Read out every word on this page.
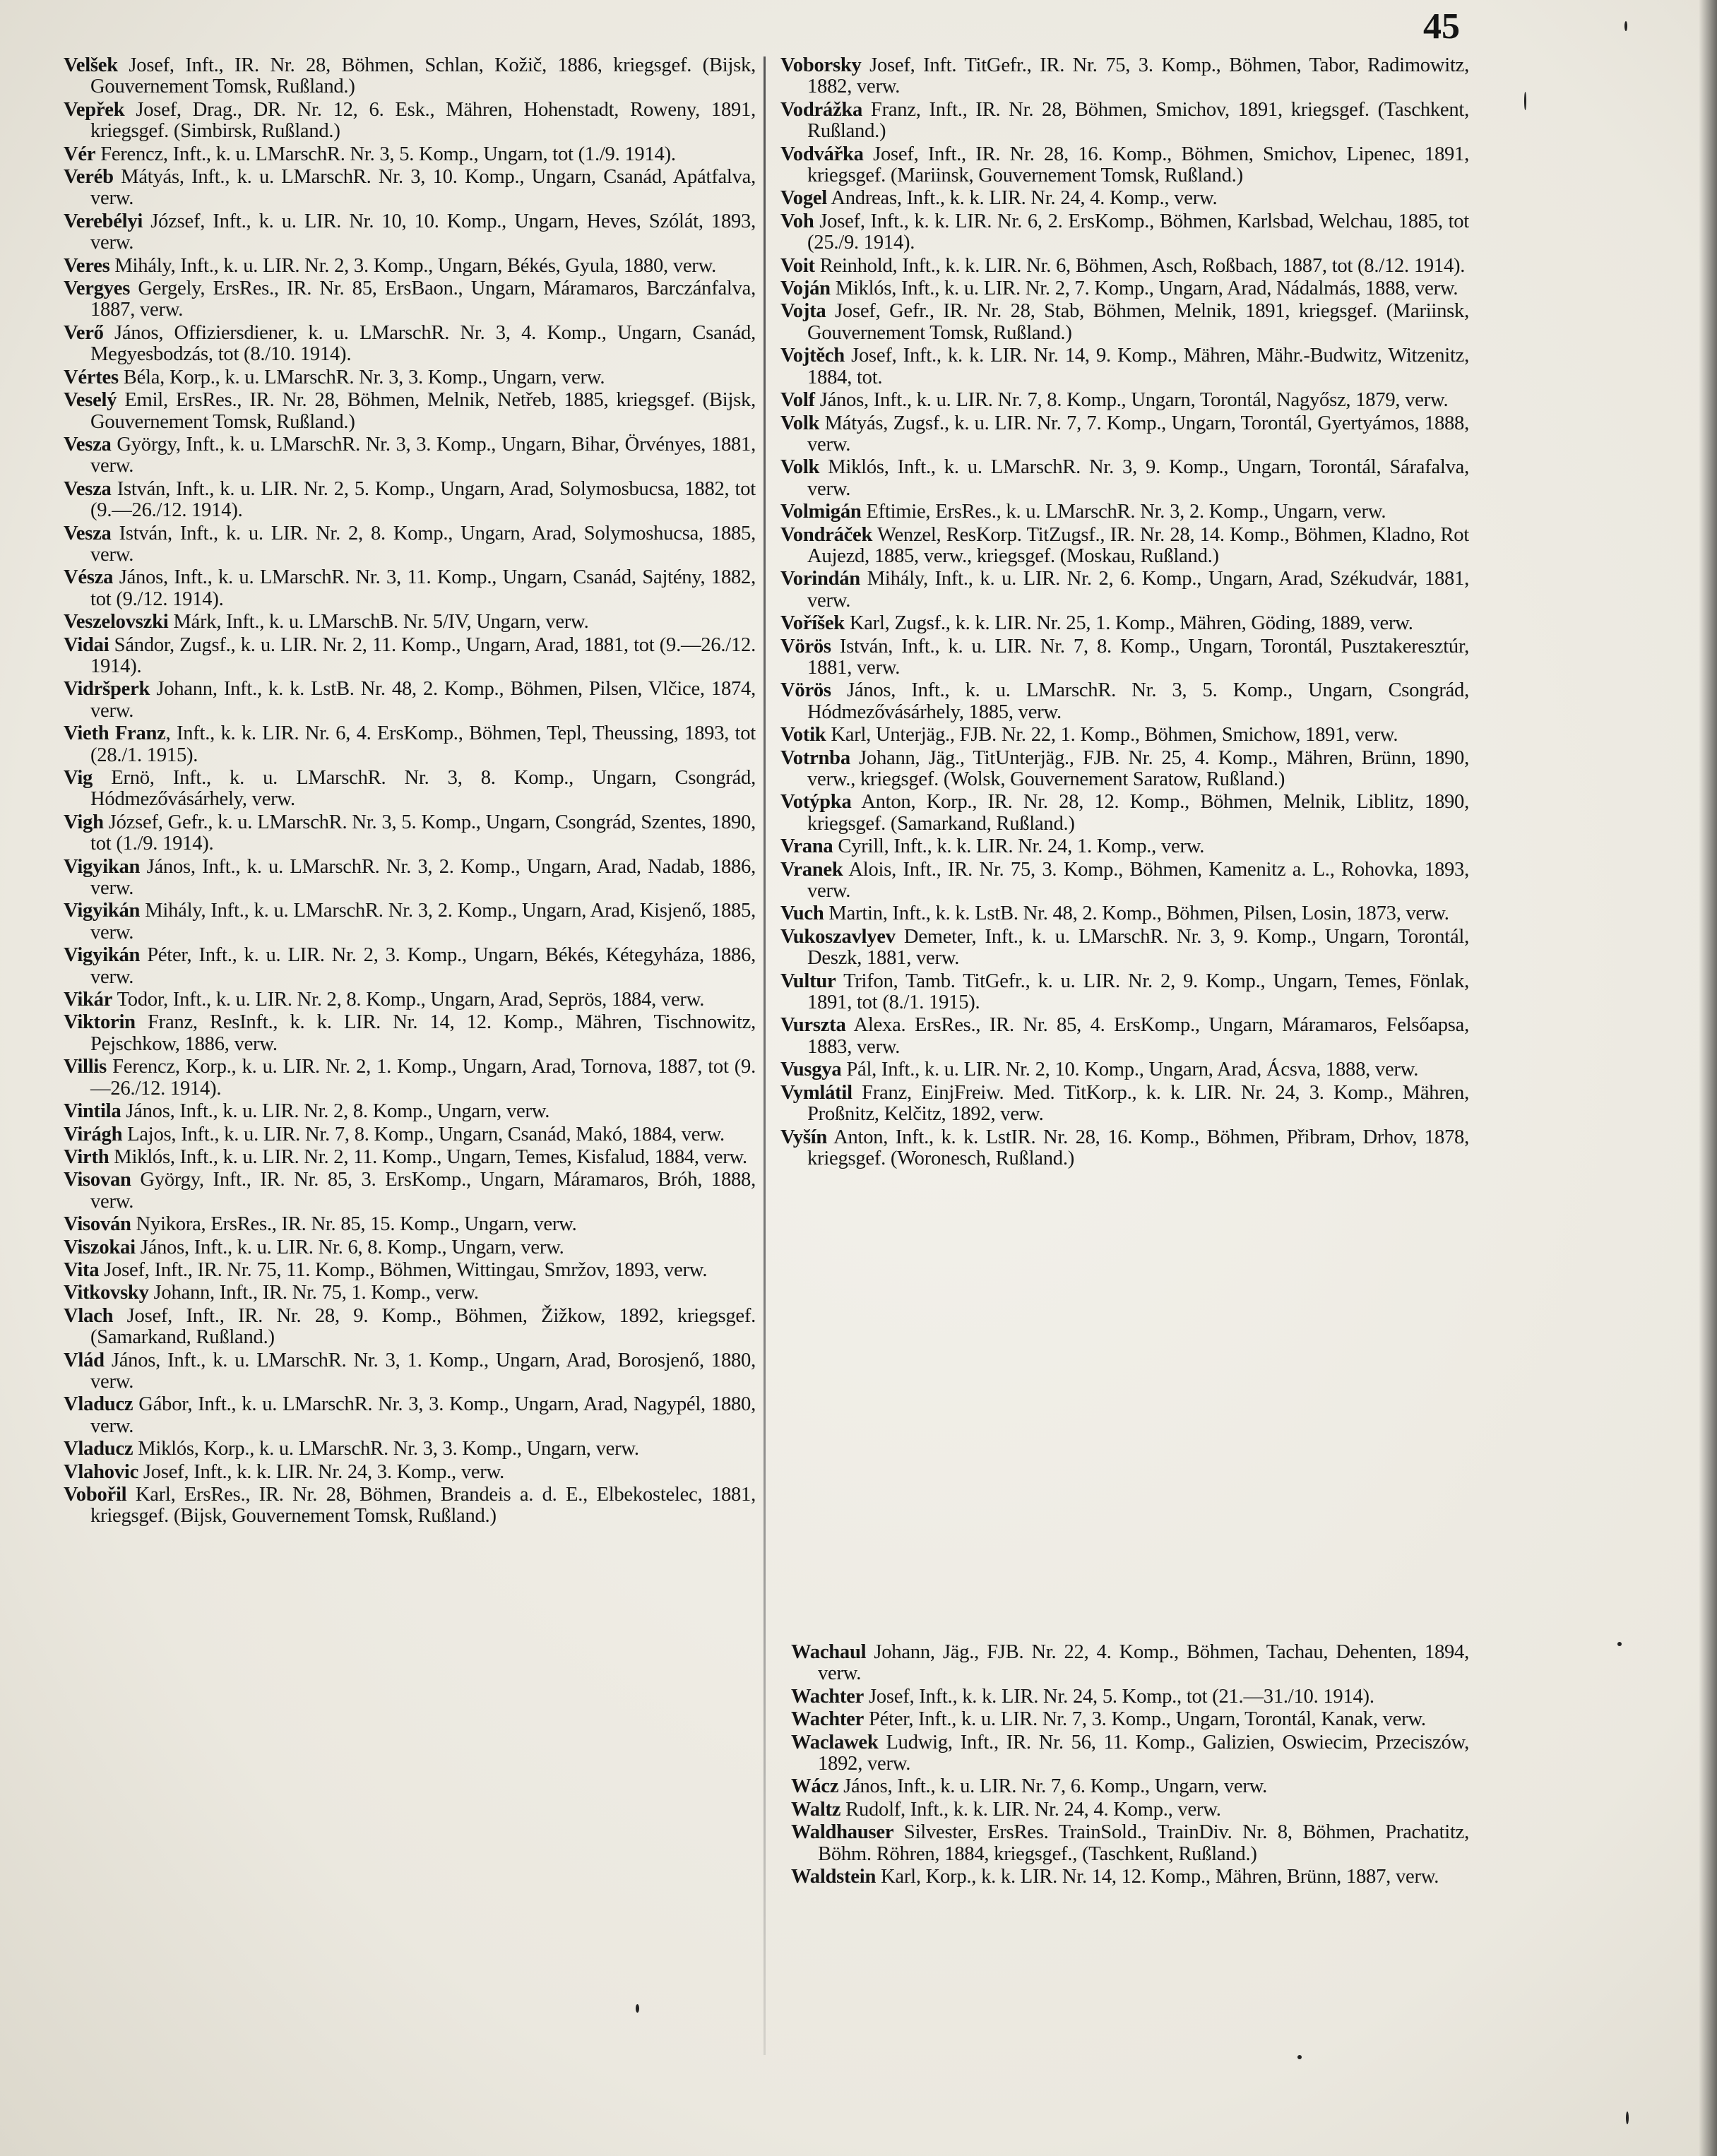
45

Velšek Josef, Inft., IR. Nr. 28, Böhmen, Schlan, Kožič, 1886, kriegsgef. (Bijsk, Gouvernement Tomsk, Rußland.)

Vepřek Josef, Drag., DR. Nr. 12, 6. Esk., Mähren, Hohenstadt, Roweny, 1891, kriegsgef. (Simbirsk, Rußland.)

Vér Ferencz, Inft., k. u. LMarschR. Nr. 3, 5. Komp., Ungarn, tot (1./9. 1914).

Veréb Mátyás, Inft., k. u. LMarschR. Nr. 3, 10. Komp., Ungarn, Csanád, Apátfalva, verw.

Verebélyi József, Inft., k. u. LIR. Nr. 10, 10. Komp., Ungarn, Heves, Szólát, 1893, verw.

Veres Mihály, Inft., k. u. LIR. Nr. 2, 3. Komp., Ungarn, Békés, Gyula, 1880, verw.

Vergyes Gergely, ErsRes., IR. Nr. 85, ErsBaon., Ungarn, Máramaros, Barczánfalva, 1887, verw.

Verő János, Offiziersdiener, k. u. LMarschR. Nr. 3, 4. Komp., Ungarn, Csanád, Megyesbodzás, tot (8./10. 1914).

Vértes Béla, Korp., k. u. LMarschR. Nr. 3, 3. Komp., Ungarn, verw.

Veselý Emil, ErsRes., IR. Nr. 28, Böhmen, Melnik, Netřeb, 1885, kriegsgef. (Bijsk, Gouvernement Tomsk, Rußland.)

Vesza György, Inft., k. u. LMarschR. Nr. 3, 3. Komp., Ungarn, Bihar, Örvényes, 1881, verw.

Vesza István, Inft., k. u. LIR. Nr. 2, 5. Komp., Ungarn, Arad, Solymosbucsa, 1882, tot (9.—26./12. 1914).

Vesza István, Inft., k. u. LIR. Nr. 2, 8. Komp., Ungarn, Arad, Solymoshucsa, 1885, verw.

Vésza János, Inft., k. u. LMarschR. Nr. 3, 11. Komp., Ungarn, Csanád, Sajtény, 1882, tot (9./12. 1914).

Veszelovszki Márk, Inft., k. u. LMarschB. Nr. 5/IV, Ungarn, verw.

Vidai Sándor, Zugsf., k. u. LIR. Nr. 2, 11. Komp., Ungarn, Arad, 1881, tot (9.—26./12. 1914).

Vidršperk Johann, Inft., k. k. LstB. Nr. 48, 2. Komp., Böhmen, Pilsen, Vlčice, 1874, verw.

Vieth Franz, Inft., k. k. LIR. Nr. 6, 4. ErsKomp., Böhmen, Tepl, Theussing, 1893, tot (28./1. 1915).

Vig Ernö, Inft., k. u. LMarschR. Nr. 3, 8. Komp., Ungarn, Csongrád, Hódmezővásárhely, verw.

Vigh József, Gefr., k. u. LMarschR. Nr. 3, 5. Komp., Ungarn, Csongrád, Szentes, 1890, tot (1./9. 1914).

Vigyikan János, Inft., k. u. LMarschR. Nr. 3, 2. Komp., Ungarn, Arad, Nadab, 1886, verw.

Vigyikán Mihály, Inft., k. u. LMarschR. Nr. 3, 2. Komp., Ungarn, Arad, Kisjenő, 1885, verw.

Vigyikán Péter, Inft., k. u. LIR. Nr. 2, 3. Komp., Ungarn, Békés, Kétegyháza, 1886, verw.

Vikár Todor, Inft., k. u. LIR. Nr. 2, 8. Komp., Ungarn, Arad, Seprös, 1884, verw.

Viktorin Franz, ResInft., k. k. LIR. Nr. 14, 12. Komp., Mähren, Tischnowitz, Pejschkow, 1886, verw.

Villis Ferencz, Korp., k. u. LIR. Nr. 2, 1. Komp., Ungarn, Arad, Tornova, 1887, tot (9.—26./12. 1914).

Vintila János, Inft., k. u. LIR. Nr. 2, 8. Komp., Ungarn, verw.

Virágh Lajos, Inft., k. u. LIR. Nr. 7, 8. Komp., Ungarn, Csanád, Makó, 1884, verw.

Virth Miklós, Inft., k. u. LIR. Nr. 2, 11. Komp., Ungarn, Temes, Kisfalud, 1884, verw.

Visovan György, Inft., IR. Nr. 85, 3. ErsKomp., Ungarn, Máramaros, Bróh, 1888, verw.

Visován Nyikora, ErsRes., IR. Nr. 85, 15. Komp., Ungarn, verw.

Viszokai János, Inft., k. u. LIR. Nr. 6, 8. Komp., Ungarn, verw.

Vita Josef, Inft., IR. Nr. 75, 11. Komp., Böhmen, Wittingau, Smržov, 1893, verw.

Vitkovsky Johann, Inft., IR. Nr. 75, 1. Komp., verw.

Vlach Josef, Inft., IR. Nr. 28, 9. Komp., Böhmen, Žižkow, 1892, kriegsgef. (Samarkand, Rußland.)

Vlád János, Inft., k. u. LMarschR. Nr. 3, 1. Komp., Ungarn, Arad, Borosjenő, 1880, verw.

Vladucz Gábor, Inft., k. u. LMarschR. Nr. 3, 3. Komp., Ungarn, Arad, Nagypél, 1880, verw.

Vladucz Miklós, Korp., k. u. LMarschR. Nr. 3, 3. Komp., Ungarn, verw.

Vlahovic Josef, Inft., k. k. LIR. Nr. 24, 3. Komp., verw.

Vobořil Karl, ErsRes., IR. Nr. 28, Böhmen, Brandeis a. d. E., Elbekostelec, 1881, kriegsgef. (Bijsk, Gouvernement Tomsk, Rußland.)

Voborsky Josef, Inft. TitGefr., IR. Nr. 75, 3. Komp., Böhmen, Tabor, Radimowitz, 1882, verw.

Vodrážka Franz, Inft., IR. Nr. 28, Böhmen, Smichov, 1891, kriegsgef. (Taschkent, Rußland.)

Vodvářka Josef, Inft., IR. Nr. 28, 16. Komp., Böhmen, Smichov, Lipenec, 1891, kriegsgef. (Mariinsk, Gouvernement Tomsk, Rußland.)

Vogel Andreas, Inft., k. k. LIR. Nr. 24, 4. Komp., verw.

Voh Josef, Inft., k. k. LIR. Nr. 6, 2. ErsKomp., Böhmen, Karlsbad, Welchau, 1885, tot (25./9. 1914).

Voit Reinhold, Inft., k. k. LIR. Nr. 6, Böhmen, Asch, Roßbach, 1887, tot (8./12. 1914).

Voján Miklós, Inft., k. u. LIR. Nr. 2, 7. Komp., Ungarn, Arad, Nádalmás, 1888, verw.

Vojta Josef, Gefr., IR. Nr. 28, Stab, Böhmen, Melnik, 1891, kriegsgef. (Mariinsk, Gouvernement Tomsk, Rußland.)

Vojtěch Josef, Inft., k. k. LIR. Nr. 14, 9. Komp., Mähren, Mähr.-Budwitz, Witzenitz, 1884, tot.

Volf János, Inft., k. u. LIR. Nr. 7, 8. Komp., Ungarn, Torontál, Nagyősz, 1879, verw.

Volk Mátyás, Zugsf., k. u. LIR. Nr. 7, 7. Komp., Ungarn, Torontál, Gyertyámos, 1888, verw.

Volk Miklós, Inft., k. u. LMarschR. Nr. 3, 9. Komp., Ungarn, Torontál, Sárafalva, verw.

Volmigán Eftimie, ErsRes., k. u. LMarschR. Nr. 3, 2. Komp., Ungarn, verw.

Vondráček Wenzel, ResKorp. TitZugsf., IR. Nr. 28, 14. Komp., Böhmen, Kladno, Rot Aujezd, 1885, verw., kriegsgef. (Moskau, Rußland.)

Vorindán Mihály, Inft., k. u. LIR. Nr. 2, 6. Komp., Ungarn, Arad, Székudvár, 1881, verw.

Voříšek Karl, Zugsf., k. k. LIR. Nr. 25, 1. Komp., Mähren, Göding, 1889, verw.

Vörös István, Inft., k. u. LIR. Nr. 7, 8. Komp., Ungarn, Torontál, Pusztakeresztúr, 1881, verw.

Vörös János, Inft., k. u. LMarschR. Nr. 3, 5. Komp., Ungarn, Csongrád, Hódmezővásárhely, 1885, verw.

Votik Karl, Unterjäg., FJB. Nr. 22, 1. Komp., Böhmen, Smichow, 1891, verw.

Votrnba Johann, Jäg., TitUnterjäg., FJB. Nr. 25, 4. Komp., Mähren, Brünn, 1890, verw., kriegsgef. (Wolsk, Gouvernement Saratow, Rußland.)

Votýpka Anton, Korp., IR. Nr. 28, 12. Komp., Böhmen, Melnik, Liblitz, 1890, kriegsgef. (Samarkand, Rußland.)

Vrana Cyrill, Inft., k. k. LIR. Nr. 24, 1. Komp., verw.

Vranek Alois, Inft., IR. Nr. 75, 3. Komp., Böhmen, Kamenitz a. L., Rohovka, 1893, verw.

Vuch Martin, Inft., k. k. LstB. Nr. 48, 2. Komp., Böhmen, Pilsen, Losin, 1873, verw.

Vukoszavlyev Demeter, Inft., k. u. LMarschR. Nr. 3, 9. Komp., Ungarn, Torontál, Deszk, 1881, verw.

Vultur Trifon, Tamb. TitGefr., k. u. LIR. Nr. 2, 9. Komp., Ungarn, Temes, Fönlak, 1891, tot (8./1. 1915).

Vurszta Alexa. ErsRes., IR. Nr. 85, 4. ErsKomp., Ungarn, Máramaros, Felsőapsa, 1883, verw.

Vusgya Pál, Inft., k. u. LIR. Nr. 2, 10. Komp., Ungarn, Arad, Ácsva, 1888, verw.

Vymlátil Franz, EinjFreiw. Med. TitKorp., k. k. LIR. Nr. 24, 3. Komp., Mähren, Proßnitz, Kelčitz, 1892, verw.

Vyšín Anton, Inft., k. k. LstIR. Nr. 28, 16. Komp., Böhmen, Přibram, Drhov, 1878, kriegsgef. (Woronesch, Rußland.)

Wachaul Johann, Jäg., FJB. Nr. 22, 4. Komp., Böhmen, Tachau, Dehenten, 1894, verw.

Wachter Josef, Inft., k. k. LIR. Nr. 24, 5. Komp., tot (21.—31./10. 1914).

Wachter Péter, Inft., k. u. LIR. Nr. 7, 3. Komp., Ungarn, Torontál, Kanak, verw.

Waclawek Ludwig, Inft., IR. Nr. 56, 11. Komp., Galizien, Oswiecim, Przeciszów, 1892, verw.

Wácz János, Inft., k. u. LIR. Nr. 7, 6. Komp., Ungarn, verw.

Waltz Rudolf, Inft., k. k. LIR. Nr. 24, 4. Komp., verw.

Waldhauser Silvester, ErsRes. TrainSold., TrainDiv. Nr. 8, Böhmen, Prachatitz, Böhm. Röhren, 1884, kriegsgef., (Taschkent, Rußland.)

Waldstein Karl, Korp., k. k. LIR. Nr. 14, 12. Komp., Mähren, Brünn, 1887, verw.
